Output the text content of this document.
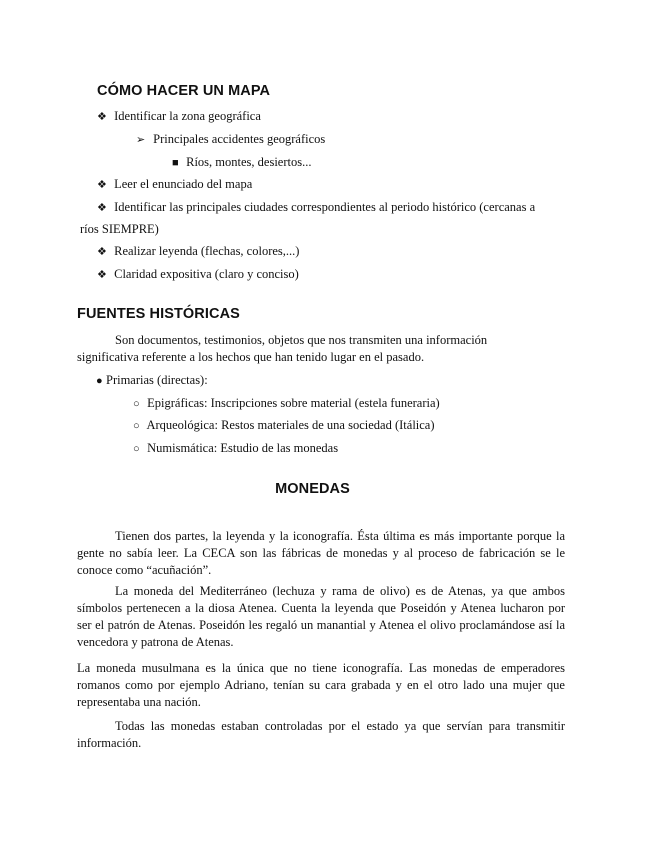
CÓMO HACER UN MAPA
❖ Identificar la zona geográfica
➢ Principales accidentes geográficos
■ Ríos, montes, desiertos...
❖ Leer el enunciado del mapa
❖ Identificar las principales ciudades correspondientes al periodo histórico (cercanas a
ríos SIEMPRE)
❖ Realizar leyenda (flechas, colores,...)
❖ Claridad expositiva (claro y conciso)
FUENTES HISTÓRICAS
Son documentos, testimonios, objetos que nos transmiten una información
significativa referente a los hechos que han tenido lugar en el pasado.
● Primarias (directas):
○ Epigráficas: Inscripciones sobre material (estela funeraria)
○ Arqueológica: Restos materiales de una sociedad (Itálica)
○ Numismática: Estudio de las monedas
MONEDAS

Tienen dos partes, la leyenda y la iconografía. Ésta última es más importante porque la gente no sabía leer. La CECA son las fábricas de monedas y al proceso de fabricación se le conoce como “acuñación”.

La moneda del Mediterráneo (lechuza y rama de olivo) es de Atenas, ya que ambos símbolos pertenecen a la diosa Atenea. Cuenta la leyenda que Poseidón y Atenea lucharon por ser el patrón de Atenas. Poseidón les regaló un manantial y Atenea el olivo proclamándose así la vencedora y patrona de Atenas.

La moneda musulmana es la única que no tiene iconografía. Las monedas de emperadores romanos como por ejemplo Adriano, tenían su cara grabada y en el otro lado una mujer que representaba una nación.

Todas las monedas estaban controladas por el estado ya que servían para transmitir información.
